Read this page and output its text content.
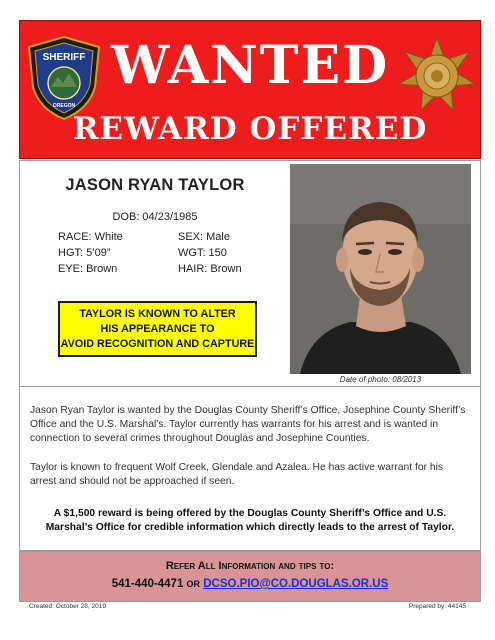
SHERIFF
OREGON
WANTED
REWARD OFFERED
JASON RYAN TAYLOR
DOB: 04/23/1985
RACE: White
HGT: 5’09”
EYE: Brown
SEX: Male
WGT: 150
HAIR: Brown
TAYLOR IS KNOWN TO ALTER
HIS APPEARANCE TO
AVOID RECOGNITION AND CAPTURE
Date of photo: 08/2013
Jason Ryan Taylor is wanted by the Douglas County Sheriff’s Office, Josephine County Sheriff’s Office and the U.S. Marshal’s. Taylor currently has warrants for his arrest and is wanted in connection to several crimes throughout Douglas and Josephine Counties.
Taylor is known to frequent Wolf Creek, Glendale and Azalea. He has active warrant for his arrest and should not be approached if seen.
A $1,500 reward is being offered by the Douglas County Sheriff’s Office and U.S. Marshal’s Office for credible information which directly leads to the arrest of Taylor.
Refer All Information and tips to:
541-440-4471 OR DCSO.PIO@CO.DOUGLAS.OR.US
Created: October 28, 2019	Prepared by: 44145
